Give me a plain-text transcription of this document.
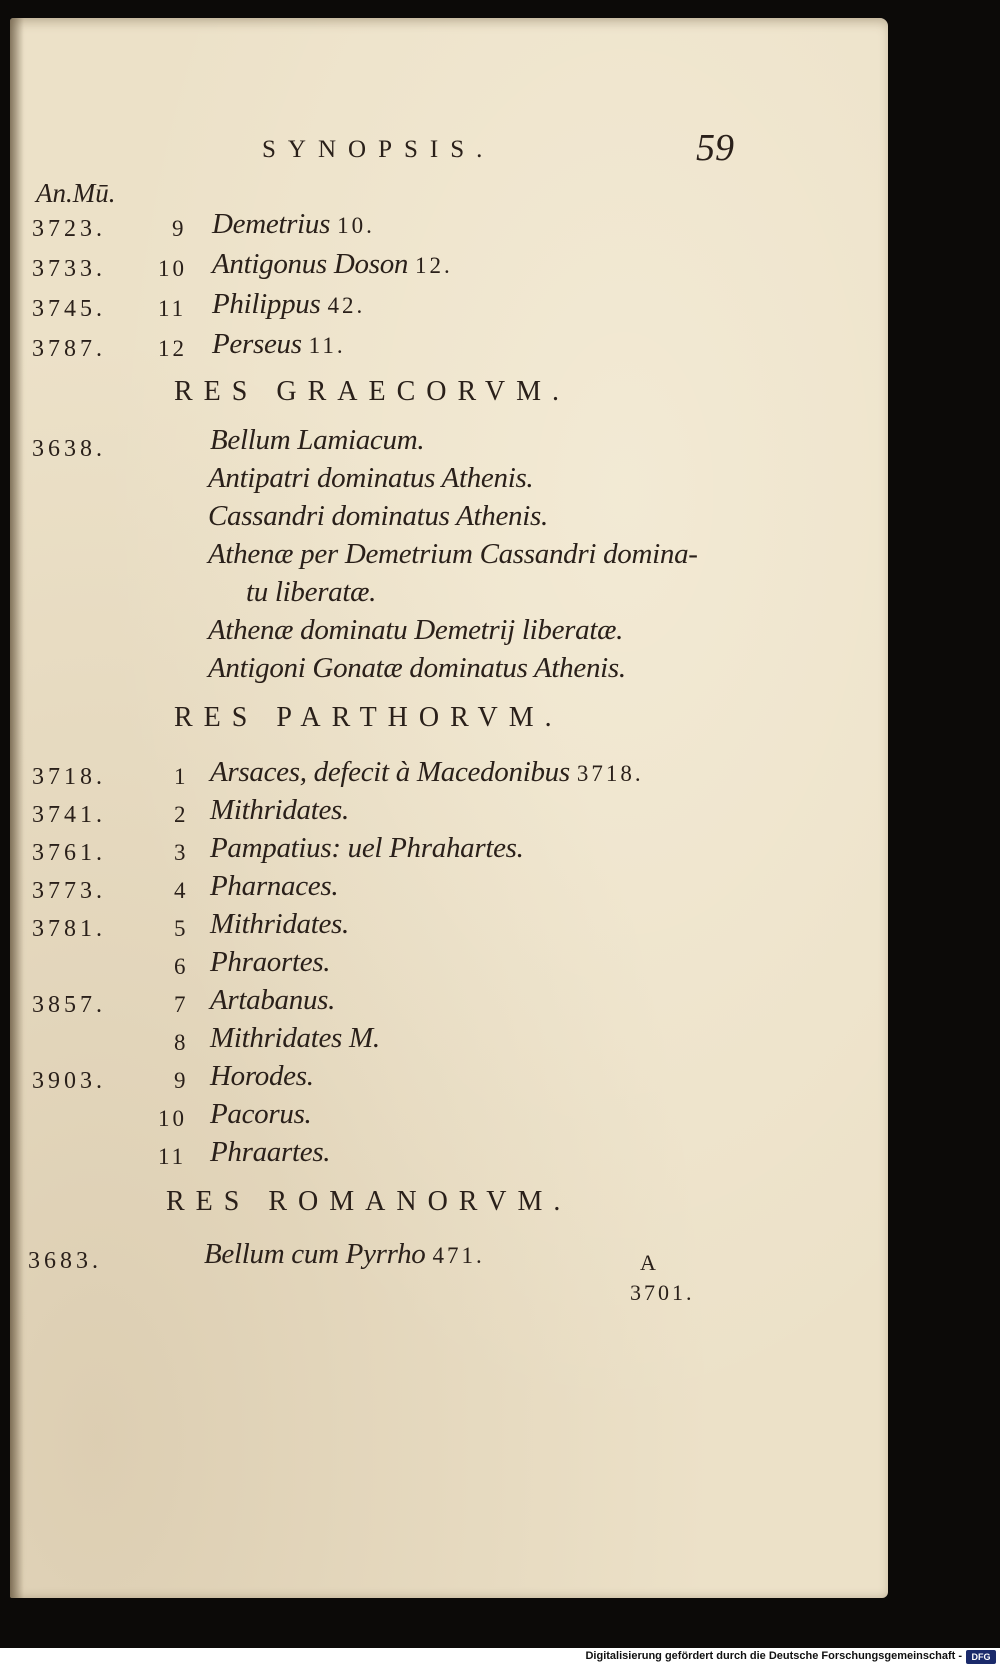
SYNOPSIS.	59
An.Mū.
3723.	9 Demetrius 10.
3733. 10 Antigonus Doson 12.
3745. 11 Philippus 42.
3787. 12 Perseus 11.
RES GRAECORVM.
3638.	Bellum Lamiacum.
Antipatri dominatus Athenis.
Cassandri dominatus Athenis.
Athenæ per Demetrium Cassandri domina-
tu liberatæ.
Athenæ dominatu Demetrij liberatæ.
Antigoni Gonatæ dominatus Athenis.
RES PARTHORVM.
3718.	1 Arsaces, defecit à Macedonibus 3718.
3741.	2 Mithridates.
3761.	3 Pampatius: uel Phrahartes.
3773.	4 Pharnaces.
3781.	5 Mithridates.
6 Phraortes.
3857.	7 Artabanus.
8 Mithridates M.
3903.	9 Horodes.
10 Pacorus.
11 Phraartes.
RES ROMANORVM.
3683.	Bellum cum Pyrrho 471.	A
3701.
Digitalisierung gefördert durch die Deutsche Forschungsgemeinschaft -	DFG
